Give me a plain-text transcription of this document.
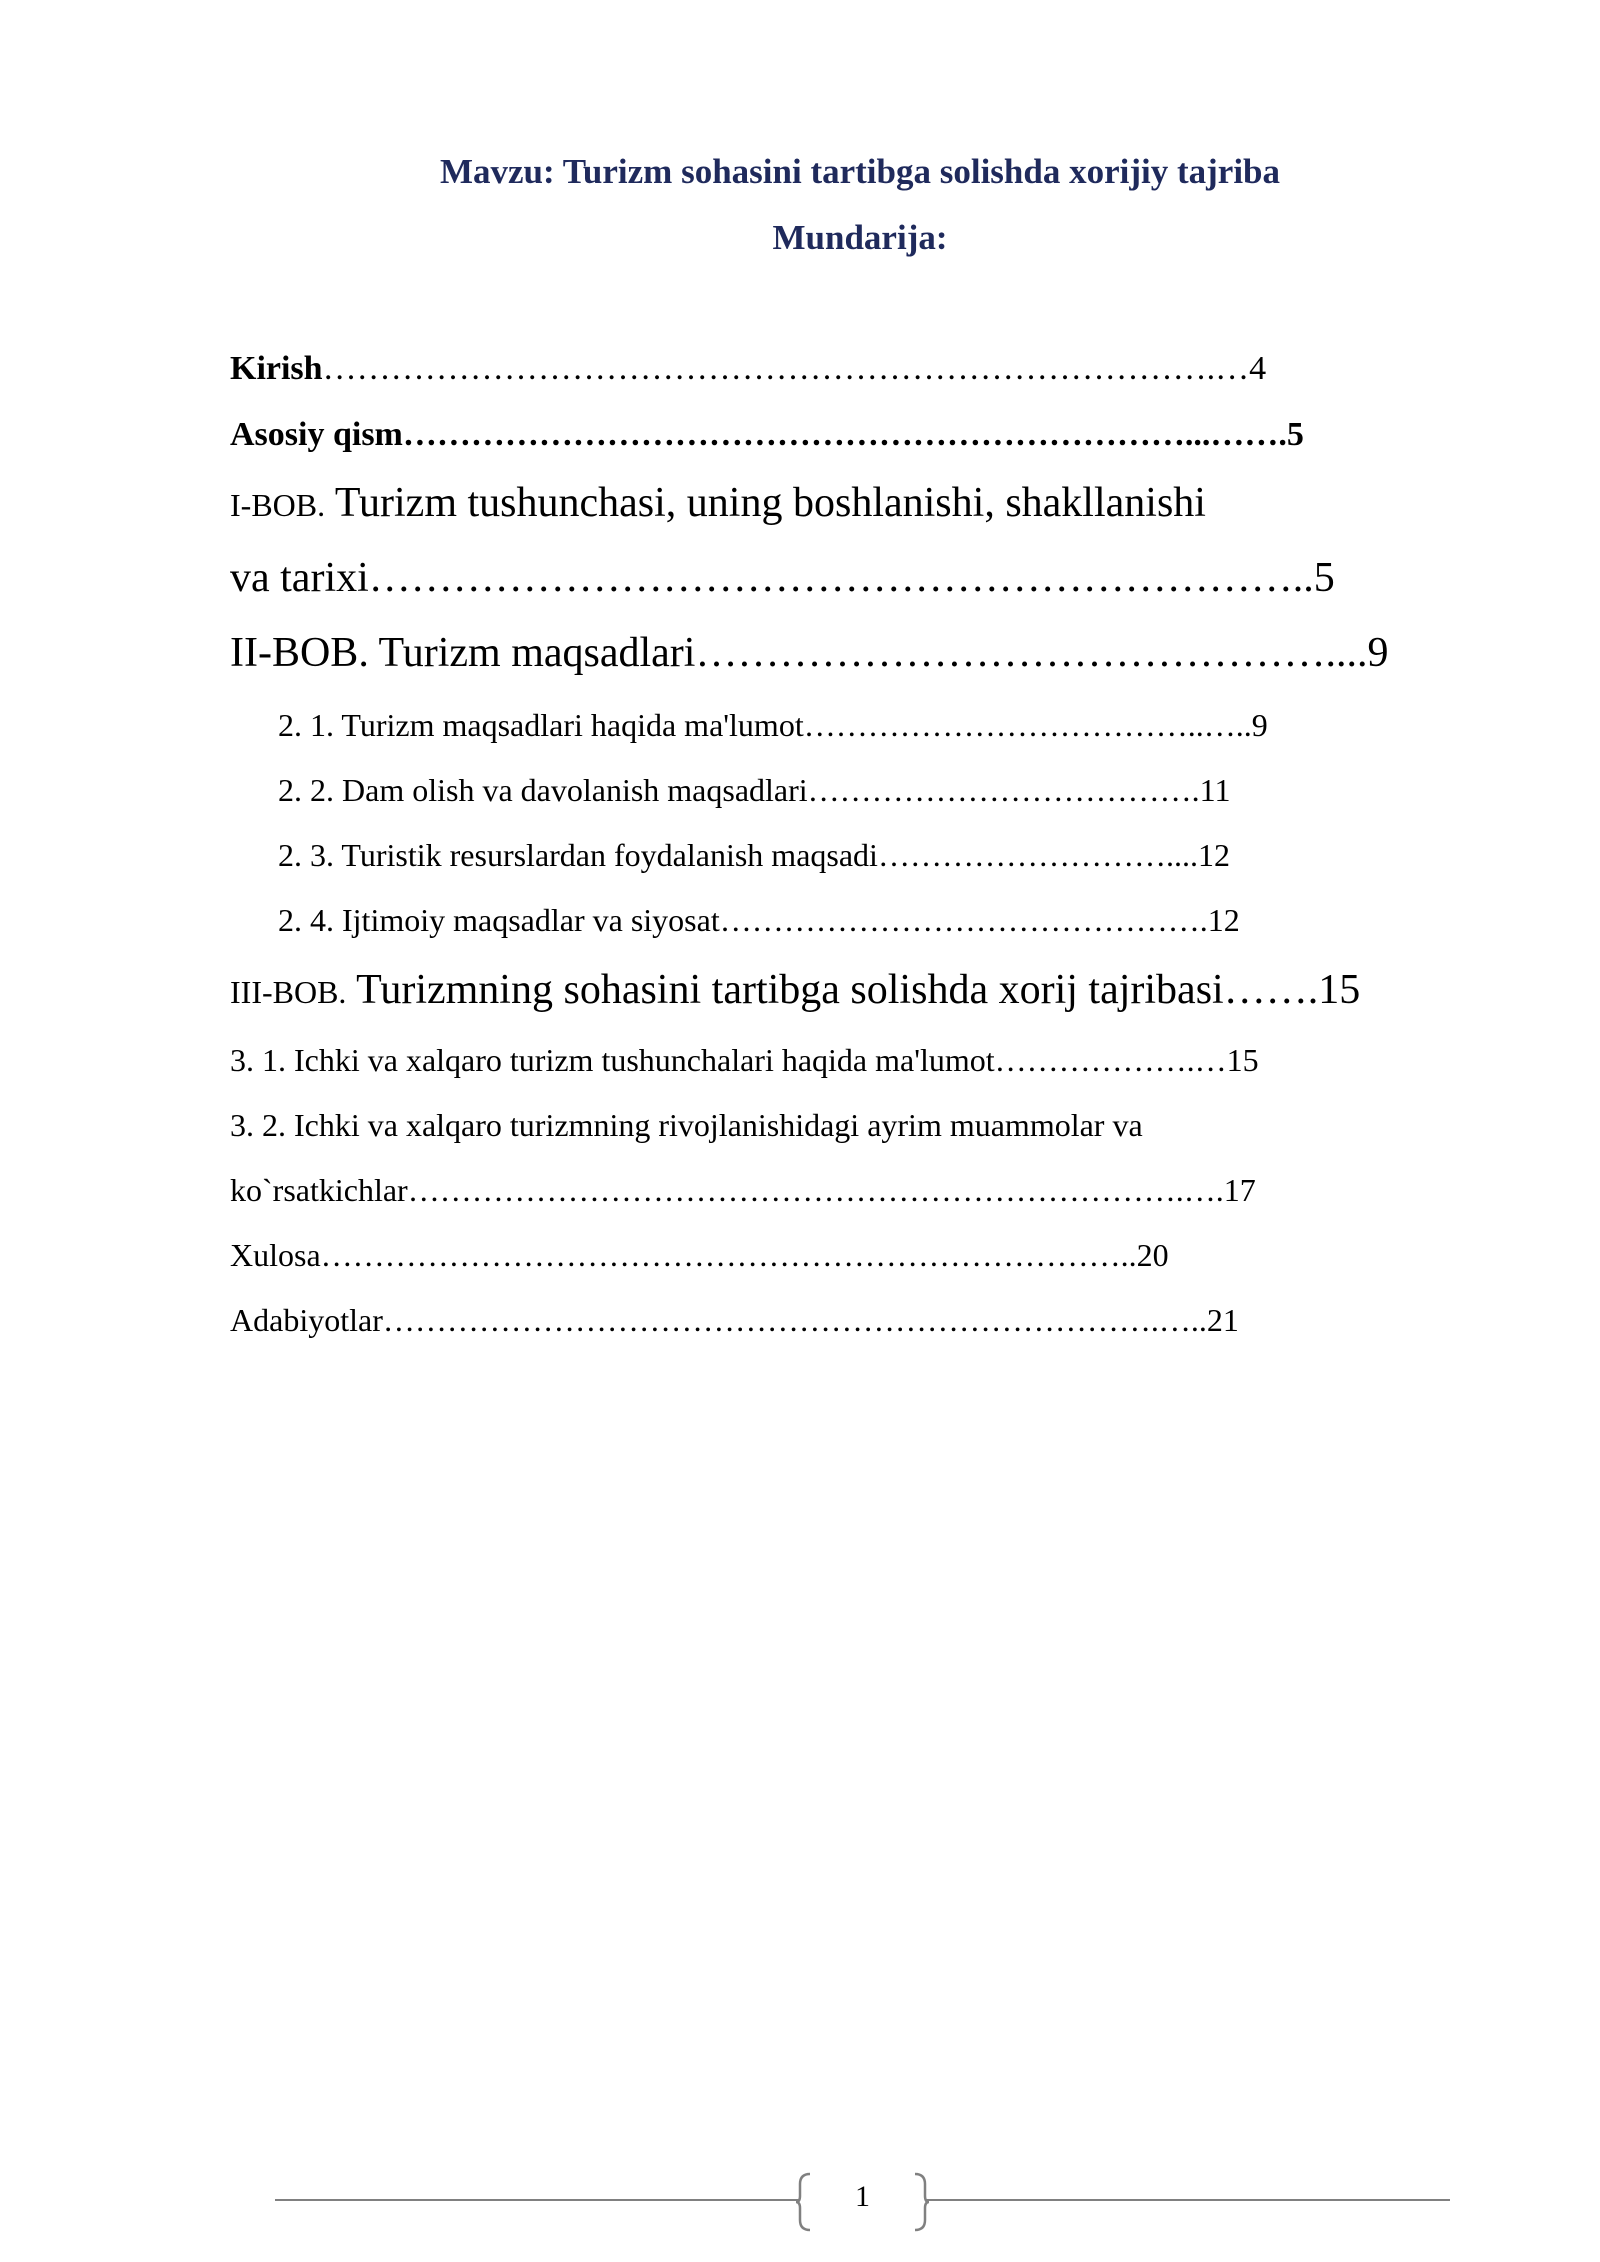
Mavzu: Turizm sohasini tartibga solishda xorijiy tajriba
Mundarija:
Kirish…………………………………………………………………….…4
Asosiy qism……………………………………………………………...…….5
I-BOB. Turizm tushunchasi, uning boshlanishi, shakllanishi
va tarixi…………………………………………………………..5
II-BOB. Turizm maqsadlari………………………………………....9
2. 1. Turizm maqsadlari haqida ma'lumot………………………………..…..9
2. 2. Dam olish va davolanish maqsadlari……………………………….11
2. 3. Turistik resurslardan foydalanish maqsadi………………………....12
2. 4. Ijtimoiy maqsadlar va siyosat……………………………………….12
III-BOB. Turizmning sohasini tartibga solishda xorij tajribasi…….15
3. 1. Ichki va xalqaro turizm tushunchalari haqida ma'lumot……………….…15
3. 2. Ichki va xalqaro turizmning rivojlanishidagi ayrim muammolar va
ko`rsatkichlar……………………………………………………………….….17
Xulosa…………………………………………………………………..20
Adabiyotlar……………………………………………………………….…..21
1
